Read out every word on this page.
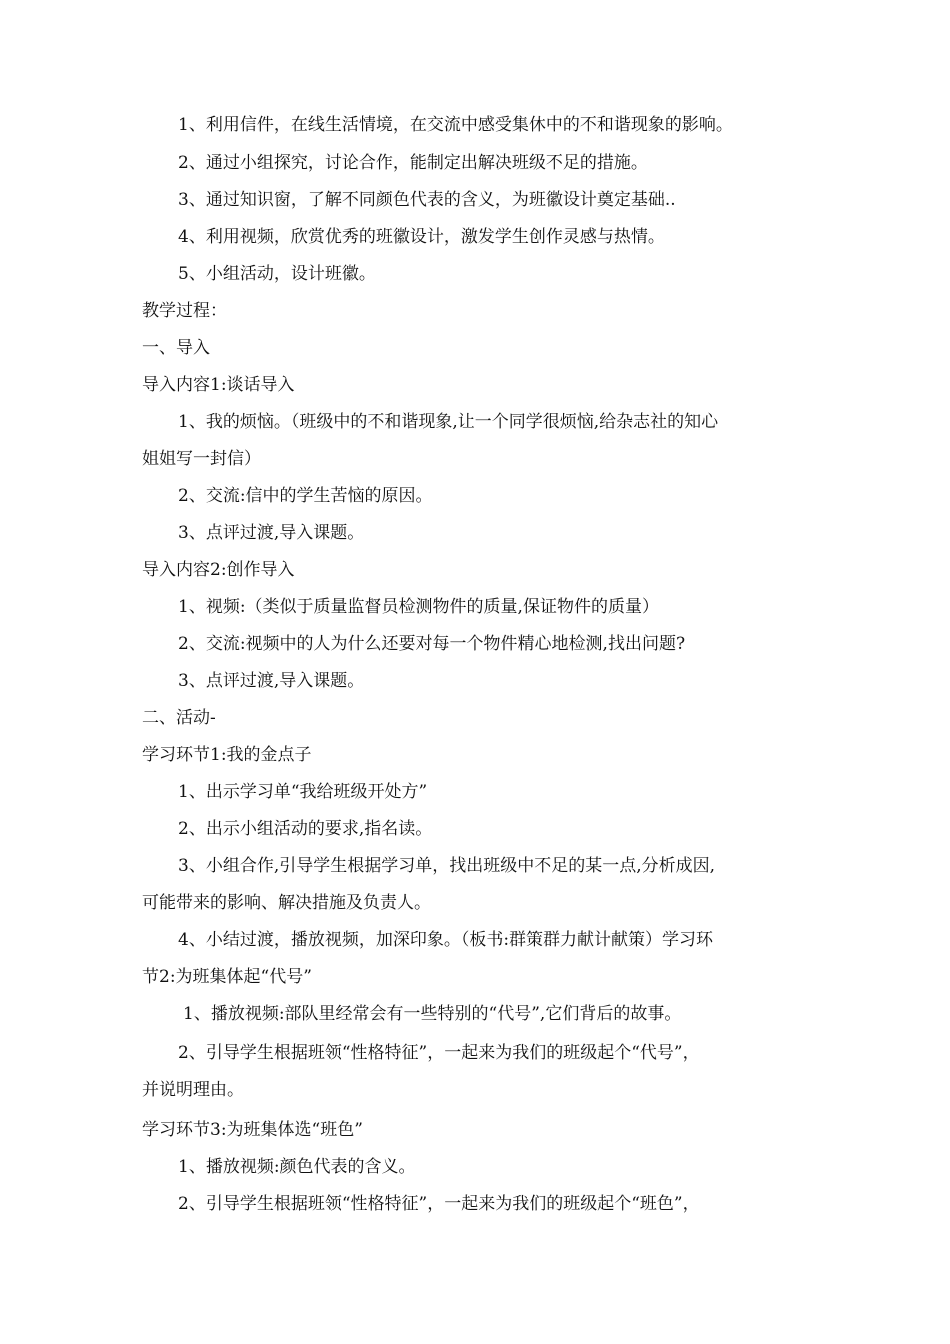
1、利用信件，在线生活情境，在交流中感受集休中的不和谐现象的影响。
2、通过小组探究，讨论合作，能制定出解决班级不足的措施。
3、通过知识窗，了解不同颜色代表的含义，为班徽设计奠定基础..
4、利用视频，欣赏优秀的班徽设计，激发学生创作灵感与热情。
5、小组活动，设计班徽。
教学过程：
一、导入
导入内容1:谈话导入
1、我的烦恼。（班级中的不和谐现象,让一个同学很烦恼,给杂志社的知心
姐姐写一封信）
2、交流:信中的学生苦恼的原因。
3、点评过渡,导入课题。
导入内容2:创作导入
1、视频:（类似于质量监督员检测物件的质量,保证物件的质量）
2、交流:视频中的人为什么还要对每一个物件精心地检测,找出问题?
3、点评过渡,导入课题。
二、活动-
学习环节1:我的金点子
1、出示学习单“我给班级开处方”
2、出示小组活动的要求,指名读。
3、小组合作,引导学生根据学习单，找出班级中不足的某一点,分析成因,
可能带来的影响、解决措施及负责人。
4、小结过渡，播放视频，加深印象。（板书:群策群力献计献策）学习环
节2:为班集体起“代号”
1、播放视频:部队里经常会有一些特别的“代号”,它们背后的故事。
2、引导学生根据班领“性格特征”，一起来为我们的班级起个“代号”，
并说明理由。
学习环节3:为班集体选“班色”
1、播放视频:颜色代表的含义。
2、引导学生根据班领“性格特征”，一起来为我们的班级起个“班色”，
